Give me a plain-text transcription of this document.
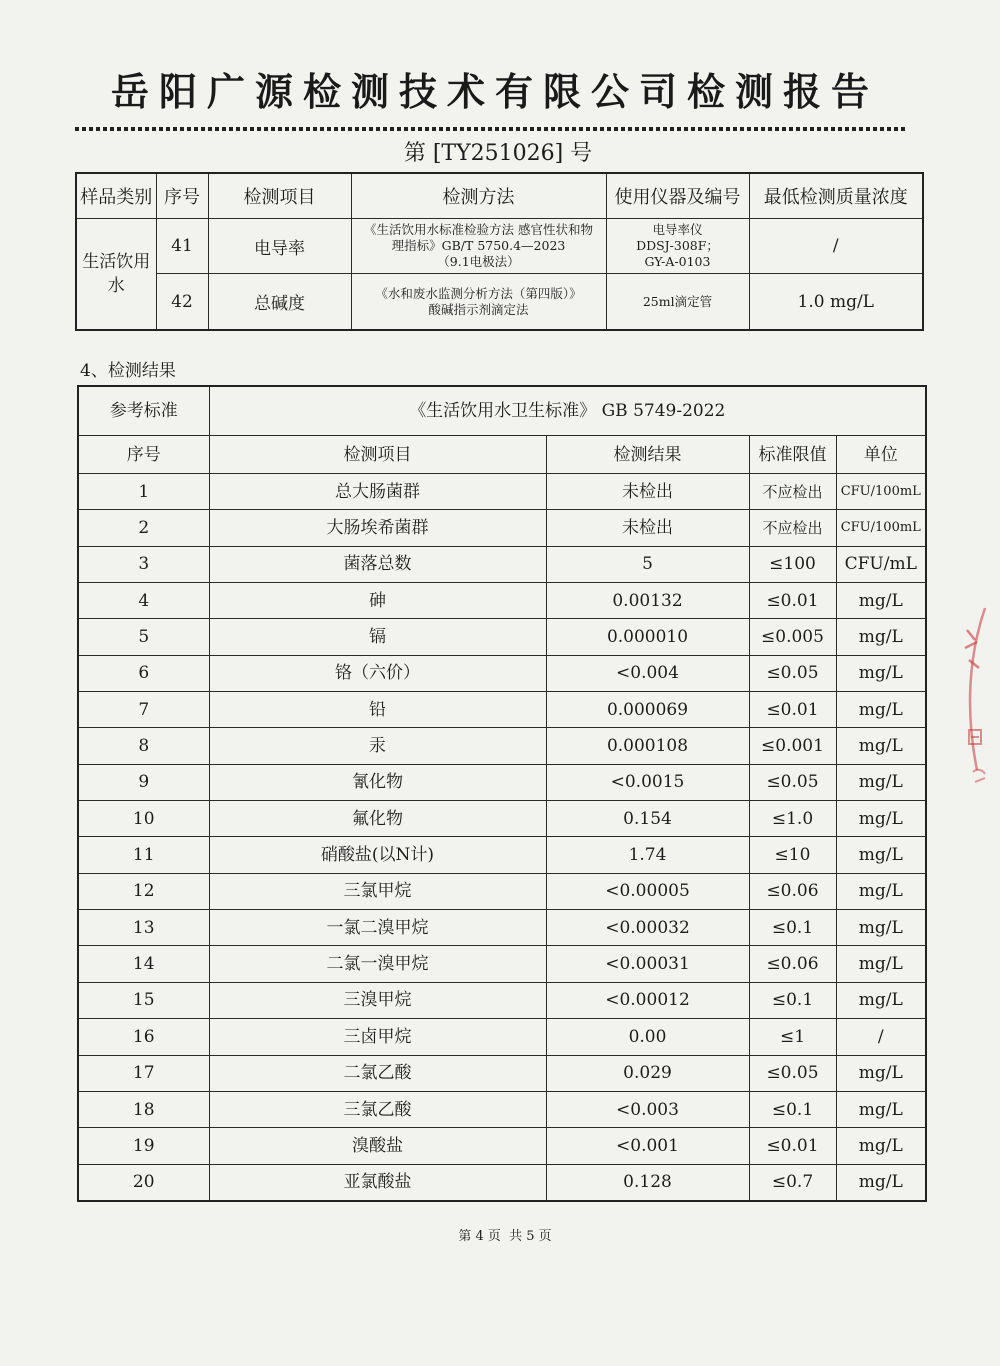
岳阳广源检测技术有限公司检测报告
第 [TY251026] 号
样品类别	序号	检测项目	检测方法	使用仪器及编号	最低检测质量浓度
生活饮用水	41	电导率	《生活饮用水标准检验方法 感官性状和物
理指标》GB/T 5750.4—2023
（9.1电极法）	电导率仪
DDSJ-308F；
GY-A-0103	/
	42	总碱度	《水和废水监测分析方法（第四版）》
酸碱指示剂滴定法	25ml滴定管	1.0 mg/L
4、检测结果
参考标准	《生活饮用水卫生标准》 GB 5749-2022			
序号	检测项目	检测结果	标准限值	单位
1	总大肠菌群	未检出	不应检出	CFU/100mL
2	大肠埃希菌群	未检出	不应检出	CFU/100mL
3	菌落总数	5	≤100	CFU/mL
4	砷	0.00132	≤0.01	mg/L
5	镉	0.000010	≤0.005	mg/L
6	铬（六价）	<0.004	≤0.05	mg/L
7	铅	0.000069	≤0.01	mg/L
8	汞	0.000108	≤0.001	mg/L
9	氰化物	<0.0015	≤0.05	mg/L
10	氟化物	0.154	≤1.0	mg/L
11	硝酸盐(以N计)	1.74	≤10	mg/L
12	三氯甲烷	<0.00005	≤0.06	mg/L
13	一氯二溴甲烷	<0.00032	≤0.1	mg/L
14	二氯一溴甲烷	<0.00031	≤0.06	mg/L
15	三溴甲烷	<0.00012	≤0.1	mg/L
16	三卤甲烷	0.00	≤1	/
17	二氯乙酸	0.029	≤0.05	mg/L
18	三氯乙酸	<0.003	≤0.1	mg/L
19	溴酸盐	<0.001	≤0.01	mg/L
20	亚氯酸盐	0.128	≤0.7	mg/L
第 4 页  共 5 页
